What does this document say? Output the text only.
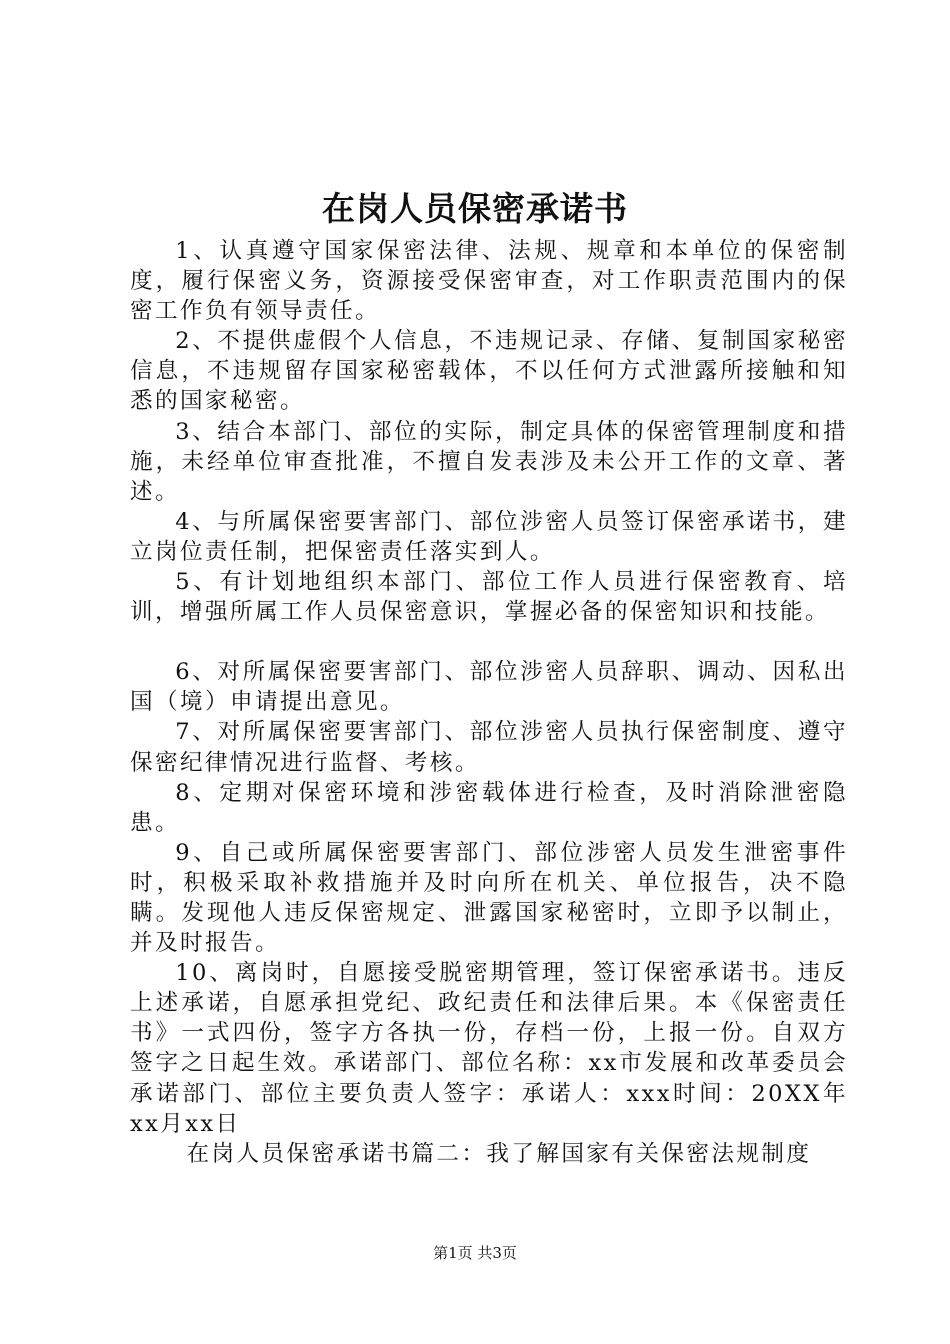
在岗人员保密承诺书

1、认真遵守国家保密法律、法规、规章和本单位的保密制度，履行保密义务，资源接受保密审查，对工作职责范围内的保密工作负有领导责任。

2、不提供虚假个人信息，不违规记录、存储、复制国家秘密信息，不违规留存国家秘密载体，不以任何方式泄露所接触和知悉的国家秘密。

3、结合本部门、部位的实际，制定具体的保密管理制度和措施，未经单位审查批准，不擅自发表涉及未公开工作的文章、著述。

4、与所属保密要害部门、部位涉密人员签订保密承诺书，建立岗位责任制，把保密责任落实到人。

5、有计划地组织本部门、部位工作人员进行保密教育、培训，增强所属工作人员保密意识，掌握必备的保密知识和技能。

6、对所属保密要害部门、部位涉密人员辞职、调动、因私出国（境）申请提出意见。

7、对所属保密要害部门、部位涉密人员执行保密制度、遵守保密纪律情况进行监督、考核。

8、定期对保密环境和涉密载体进行检查，及时消除泄密隐患。

9、自己或所属保密要害部门、部位涉密人员发生泄密事件时，积极采取补救措施并及时向所在机关、单位报告，决不隐瞒。发现他人违反保密规定、泄露国家秘密时，立即予以制止，并及时报告。

10、离岗时，自愿接受脱密期管理，签订保密承诺书。违反上述承诺，自愿承担党纪、政纪责任和法律后果。本《保密责任书》一式四份，签字方各执一份，存档一份，上报一份。自双方签字之日起生效。承诺部门、部位名称：xx市发展和改革委员会承诺部门、部位主要负责人签字：承诺人：xxx时间：20XX年xx月xx日

在岗人员保密承诺书篇二：我了解国家有关保密法规制度

第1页 共3页
